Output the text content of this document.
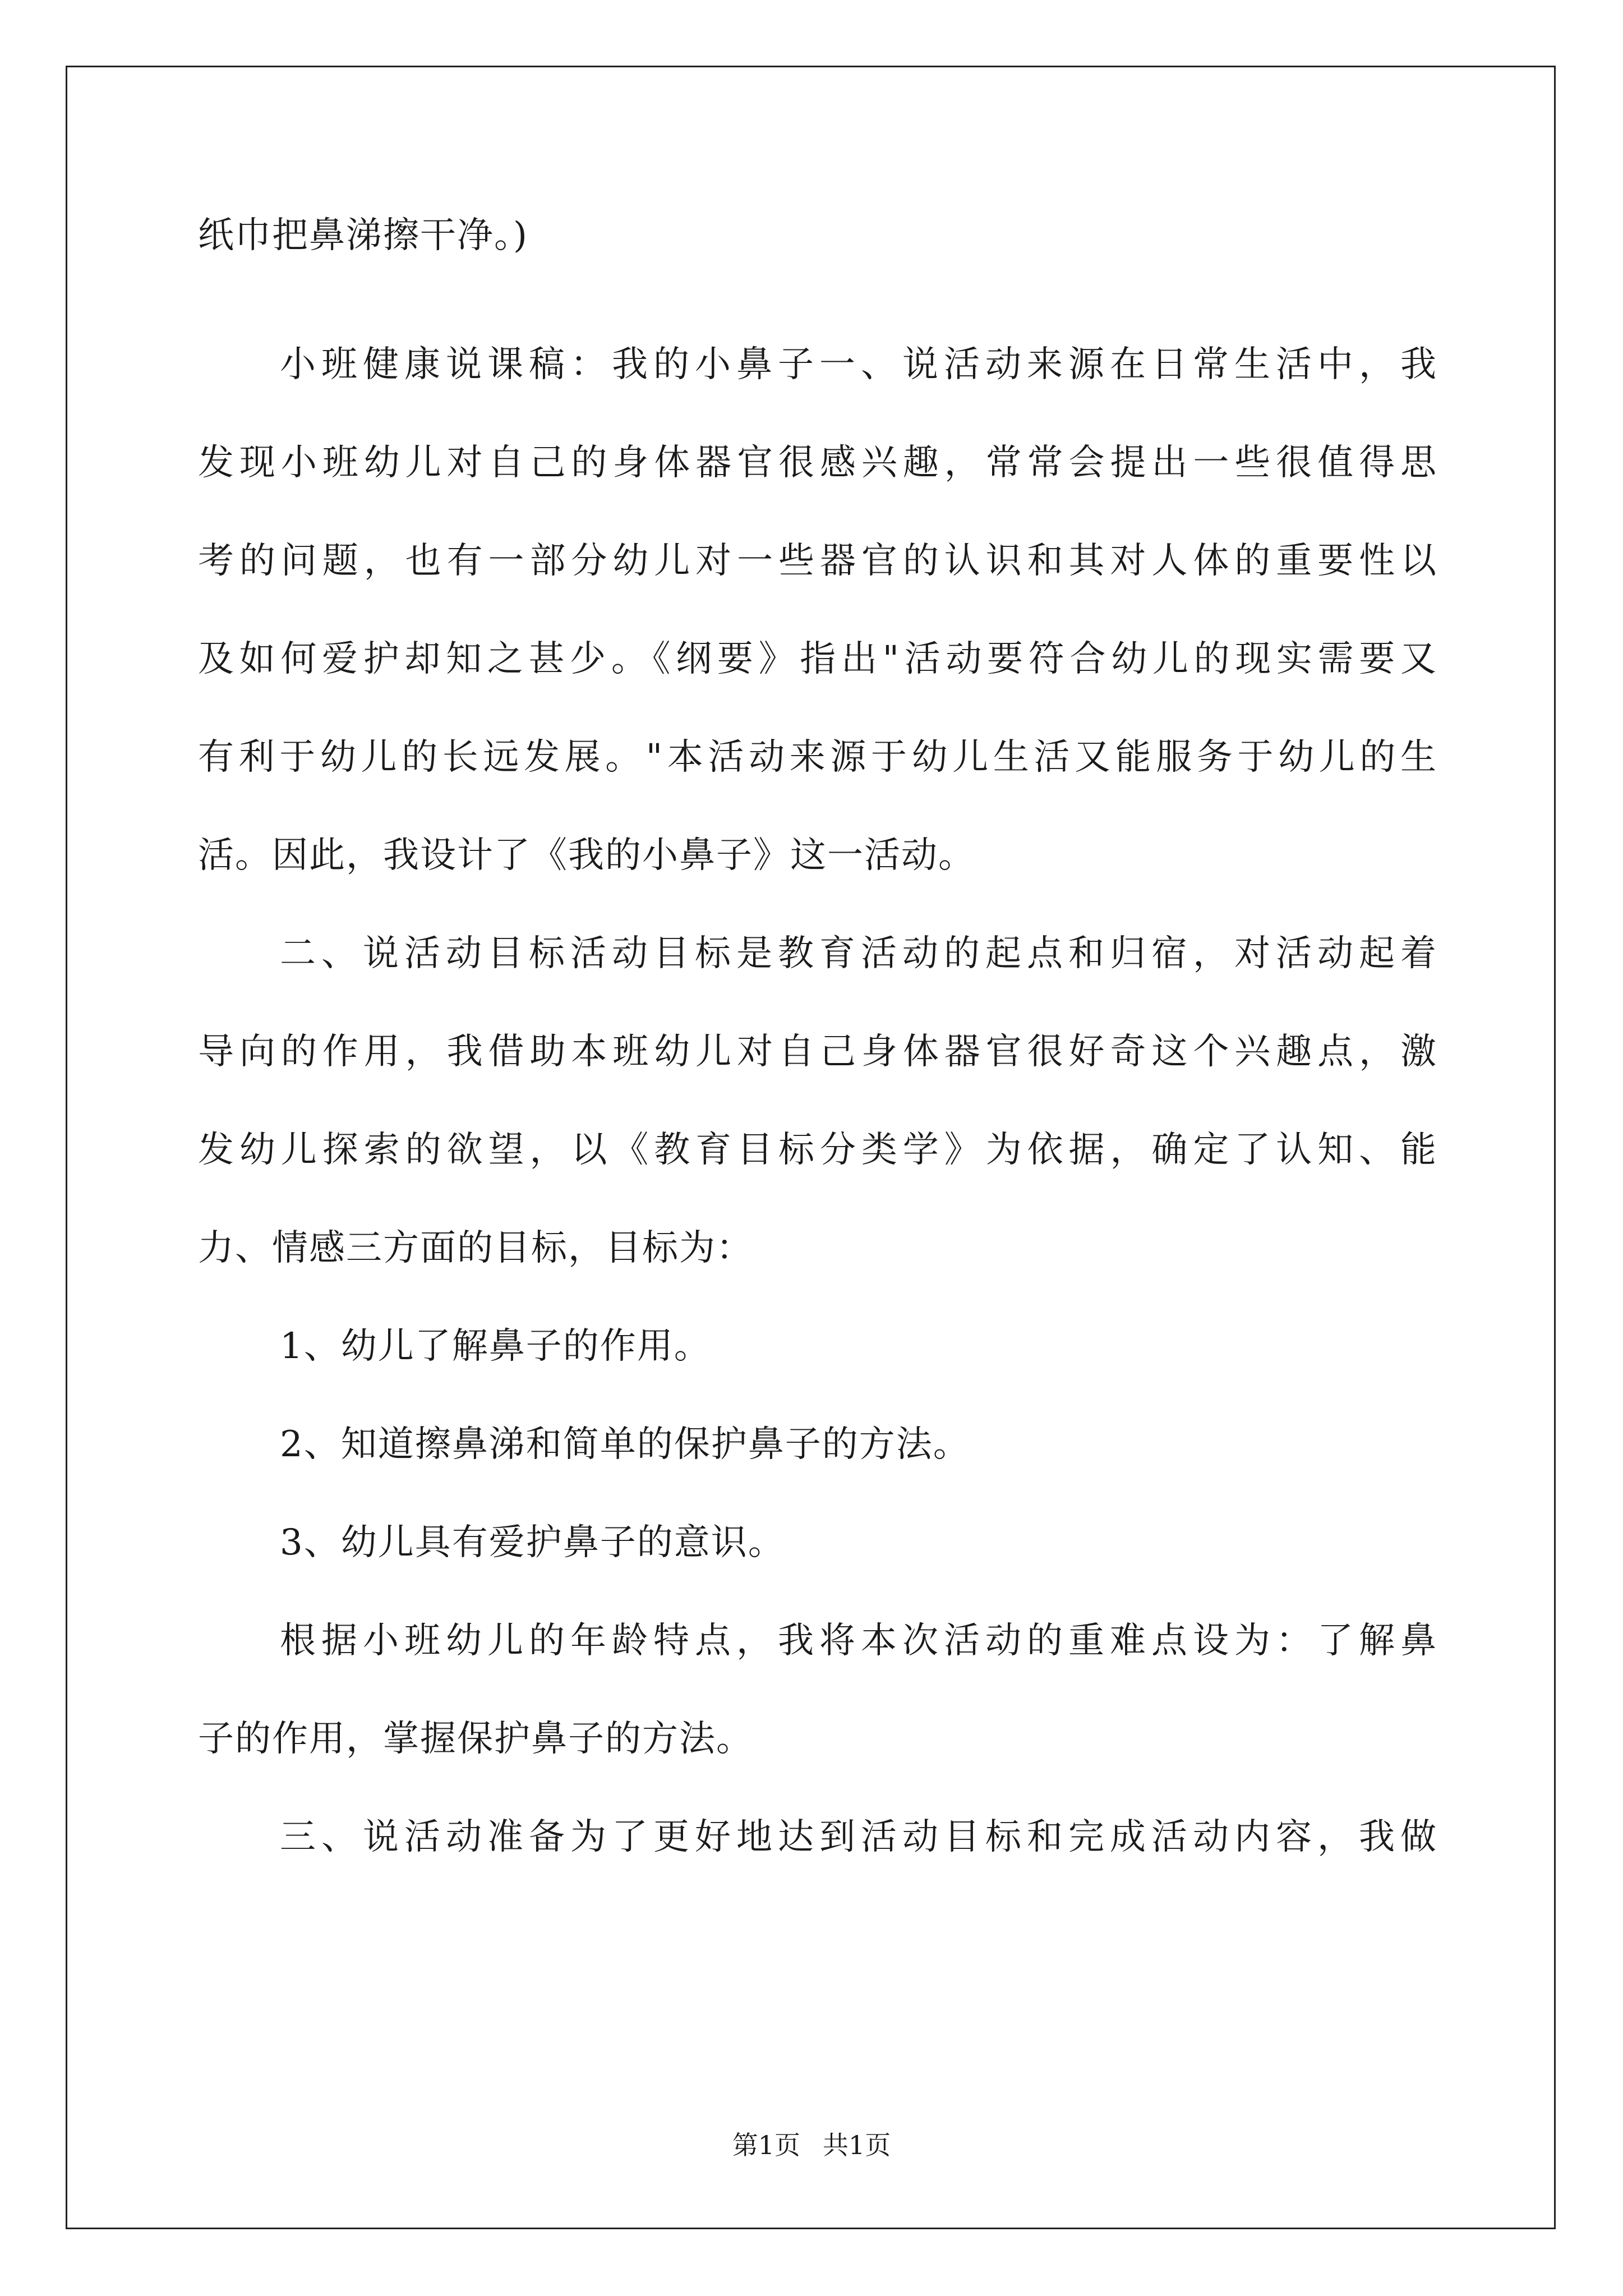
纸巾把鼻涕擦干净。)
小班健康说课稿：我的小鼻子一、说活动来源在日常生活中，我
发现小班幼儿对自己的身体器官很感兴趣，常常会提出一些很值得思
考的问题，也有一部分幼儿对一些器官的认识和其对人体的重要性以
及如何爱护却知之甚少。《纲要》指出"活动要符合幼儿的现实需要又
有利于幼儿的长远发展。"本活动来源于幼儿生活又能服务于幼儿的生
活。因此，我设计了《我的小鼻子》这一活动。
二、说活动目标活动目标是教育活动的起点和归宿，对活动起着
导向的作用，我借助本班幼儿对自己身体器官很好奇这个兴趣点，激
发幼儿探索的欲望，以《教育目标分类学》为依据，确定了认知、能
力、情感三方面的目标，目标为：
1、幼儿了解鼻子的作用。
2、知道擦鼻涕和简单的保护鼻子的方法。
3、幼儿具有爱护鼻子的意识。
根据小班幼儿的年龄特点，我将本次活动的重难点设为：了解鼻
子的作用，掌握保护鼻子的方法。
三、说活动准备为了更好地达到活动目标和完成活动内容，我做
第1页 共1页
